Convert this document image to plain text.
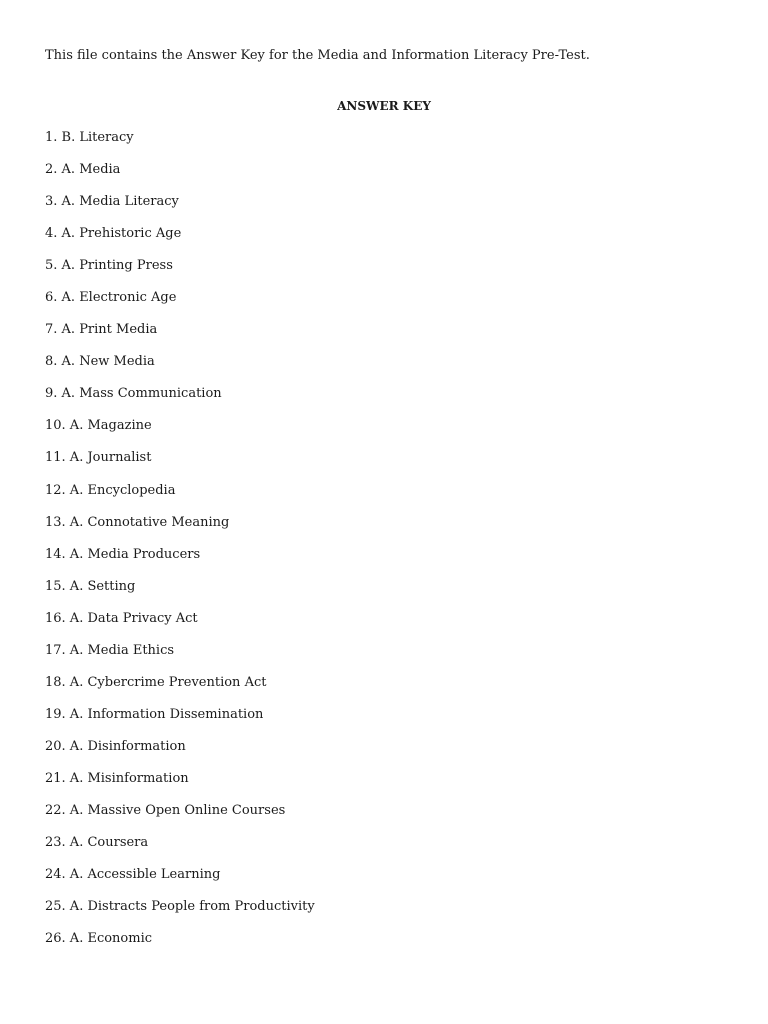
This file contains the Answer Key for the Media and Information Literacy Pre-Test.
ANSWER KEY
1. B. Literacy
2. A. Media
3. A. Media Literacy
4. A. Prehistoric Age
5. A. Printing Press
6. A. Electronic Age
7. A. Print Media
8. A. New Media
9. A. Mass Communication
10. A. Magazine
11. A. Journalist
12. A. Encyclopedia
13. A. Connotative Meaning
14. A. Media Producers
15. A. Setting
16. A. Data Privacy Act
17. A. Media Ethics
18. A. Cybercrime Prevention Act
19. A. Information Dissemination
20. A. Disinformation
21. A. Misinformation
22. A. Massive Open Online Courses
23. A. Coursera
24. A. Accessible Learning
25. A. Distracts People from Productivity
26. A. Economic
